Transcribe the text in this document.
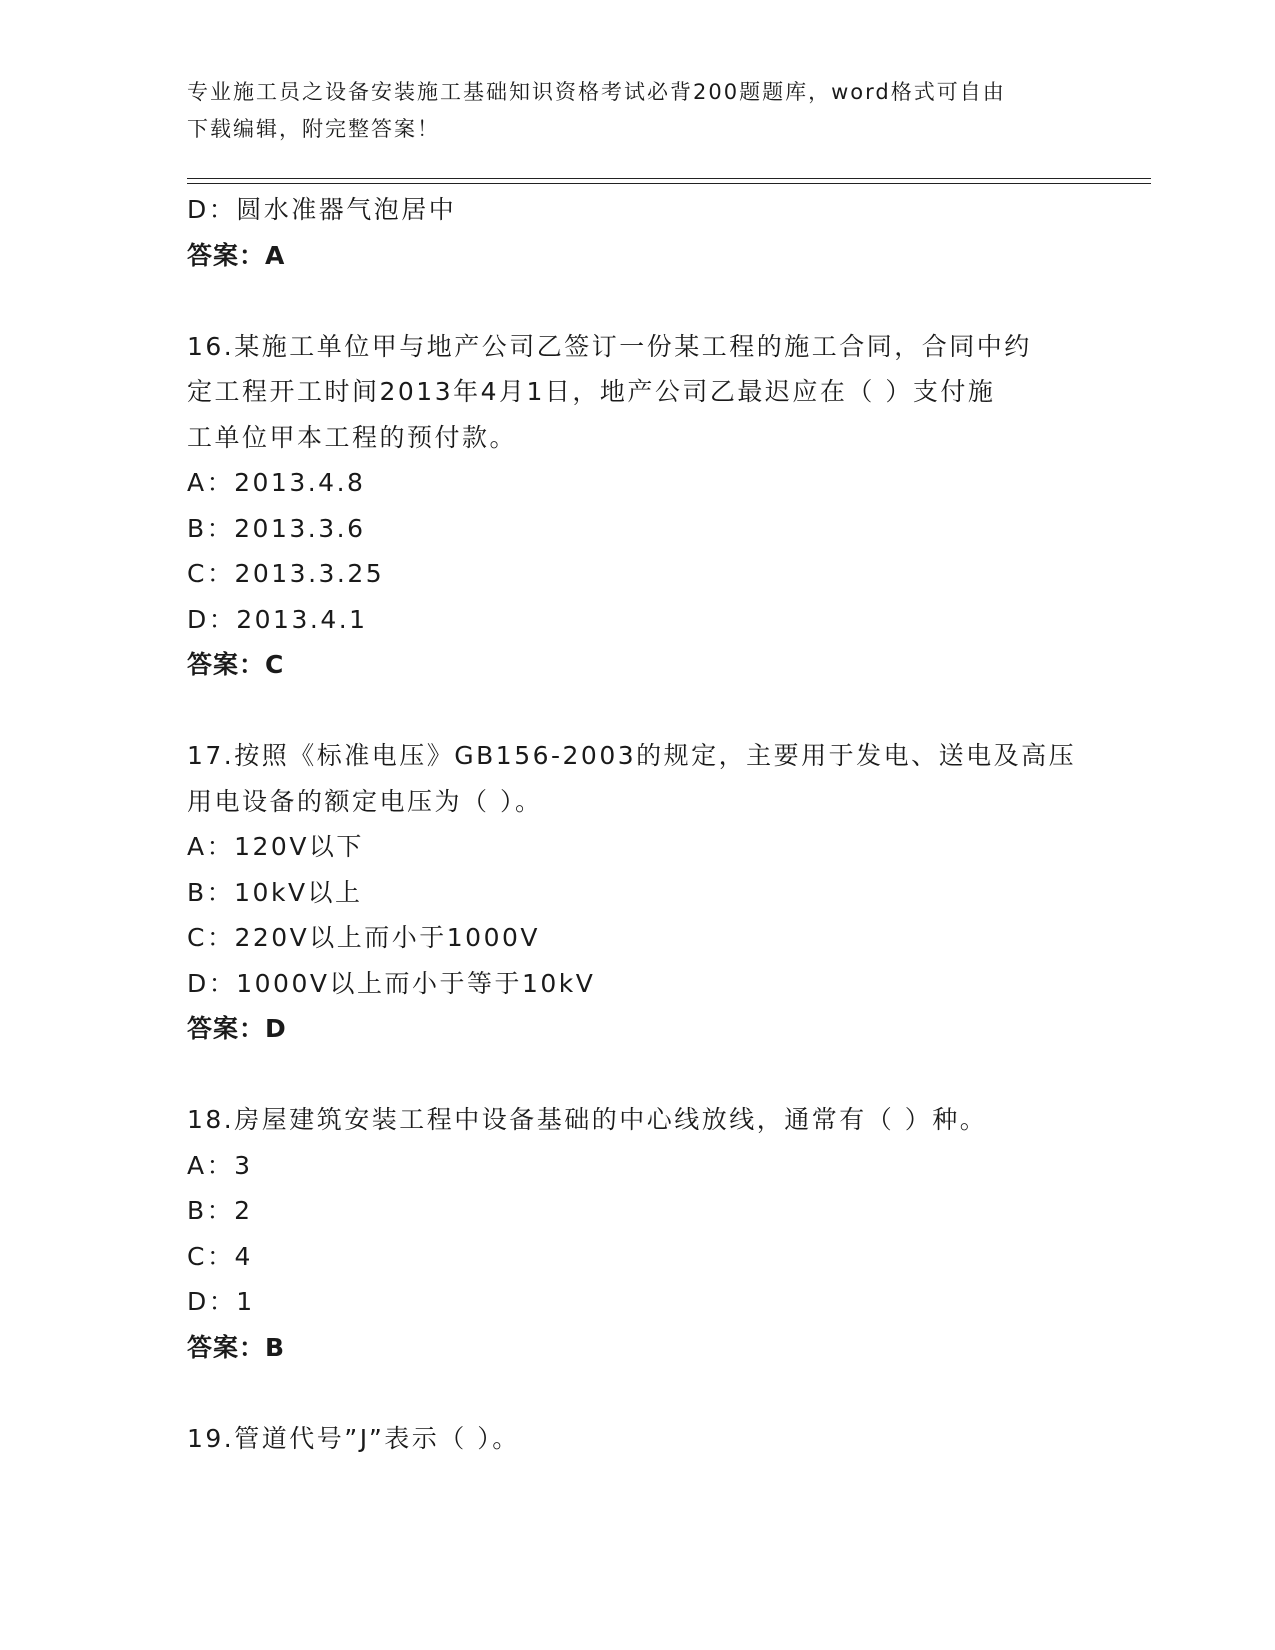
专业施工员之设备安装施工基础知识资格考试必背200题题库，word格式可自由
下载编辑，附完整答案！
D：圆水准器气泡居中
答案：A
16.某施工单位甲与地产公司乙签订一份某工程的施工合同，合同中约
定工程开工时间2013年4月1日，地产公司乙最迟应在（ ）支付施
工单位甲本工程的预付款。
A：2013.4.8
B：2013.3.6
C：2013.3.25
D：2013.4.1
答案：C
17.按照《标准电压》GB156-2003的规定，主要用于发电、送电及高压
用电设备的额定电压为（ ）。
A：120V以下
B：10kV以上
C：220V以上而小于1000V
D：1000V以上而小于等于10kV
答案：D
18.房屋建筑安装工程中设备基础的中心线放线，通常有（ ）种。
A：3
B：2
C：4
D：1
答案：B
19.管道代号”J”表示（ ）。
